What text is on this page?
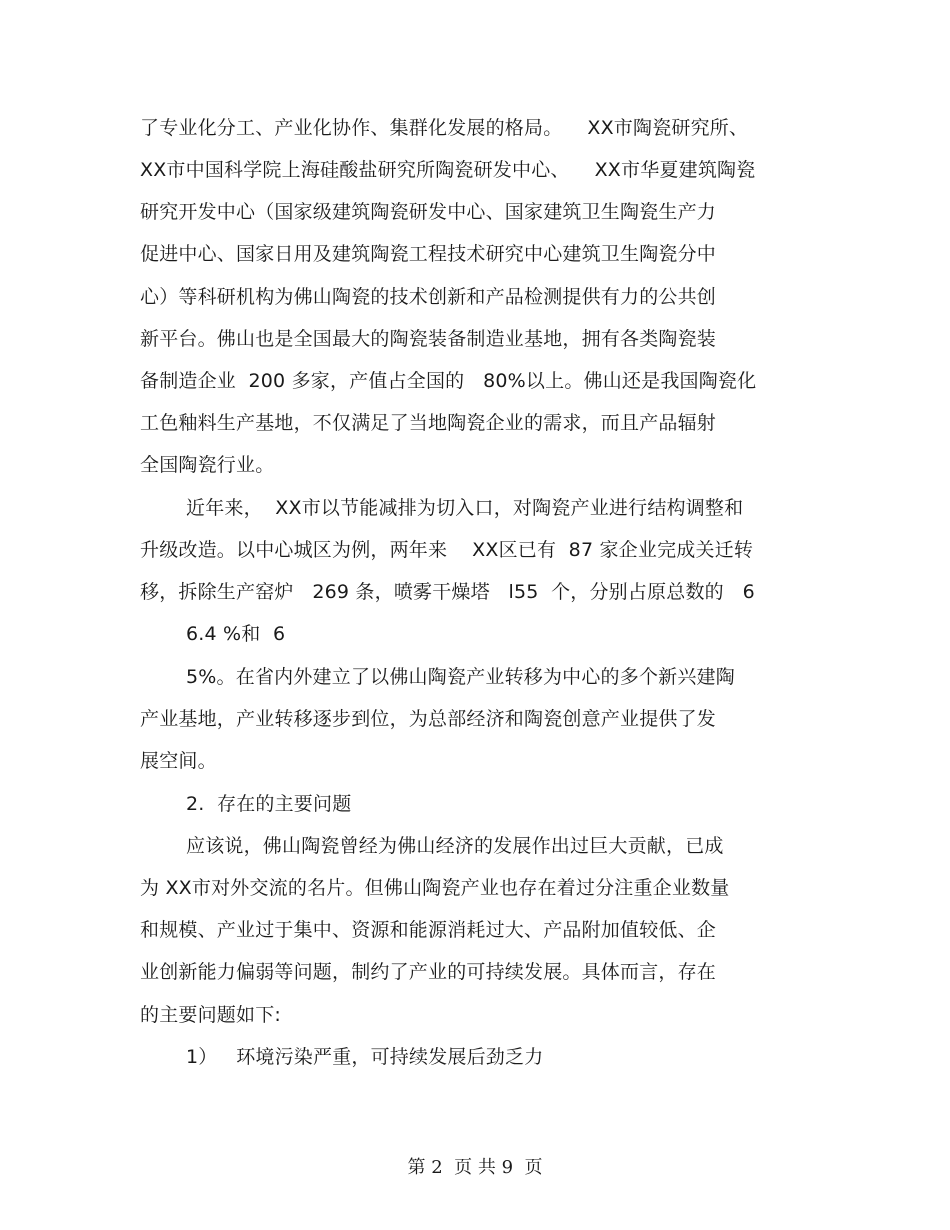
了专业化分工、产业化协作、集群化发展的格局。    XX市陶瓷研究所、
XX市中国科学院上海硅酸盐研究所陶瓷研发中心、    XX市华夏建筑陶瓷
研究开发中心（国家级建筑陶瓷研发中心、国家建筑卫生陶瓷生产力
促进中心、国家日用及建筑陶瓷工程技术研究中心建筑卫生陶瓷分中
心）等科研机构为佛山陶瓷的技术创新和产品检测提供有力的公共创
新平台。佛山也是全国最大的陶瓷装备制造业基地，拥有各类陶瓷装
备制造企业  200 多家，产值占全国的   80%以上。佛山还是我国陶瓷化
工色釉料生产基地，不仅满足了当地陶瓷企业的需求，而且产品辐射
全国陶瓷行业。
近年来，  XX市以节能减排为切入口，对陶瓷产业进行结构调整和
升级改造。以中心城区为例，两年来    XX区已有  87 家企业完成关迁转
移，拆除生产窑炉   269 条，喷雾干燥塔   l55  个，分别占原总数的   6
6.4 %和  6
5%。在省内外建立了以佛山陶瓷产业转移为中心的多个新兴建陶
产业基地，产业转移逐步到位，为总部经济和陶瓷创意产业提供了发
展空间。
2.  存在的主要问题
应该说，佛山陶瓷曾经为佛山经济的发展作出过巨大贡献，已成
为 XX市对外交流的名片。但佛山陶瓷产业也存在着过分注重企业数量
和规模、产业过于集中、资源和能源消耗过大、产品附加值较低、企
业创新能力偏弱等问题，制约了产业的可持续发展。具体而言，存在
的主要问题如下:
1）   环境污染严重，可持续发展后劲乏力
第 2  页 共 9  页
